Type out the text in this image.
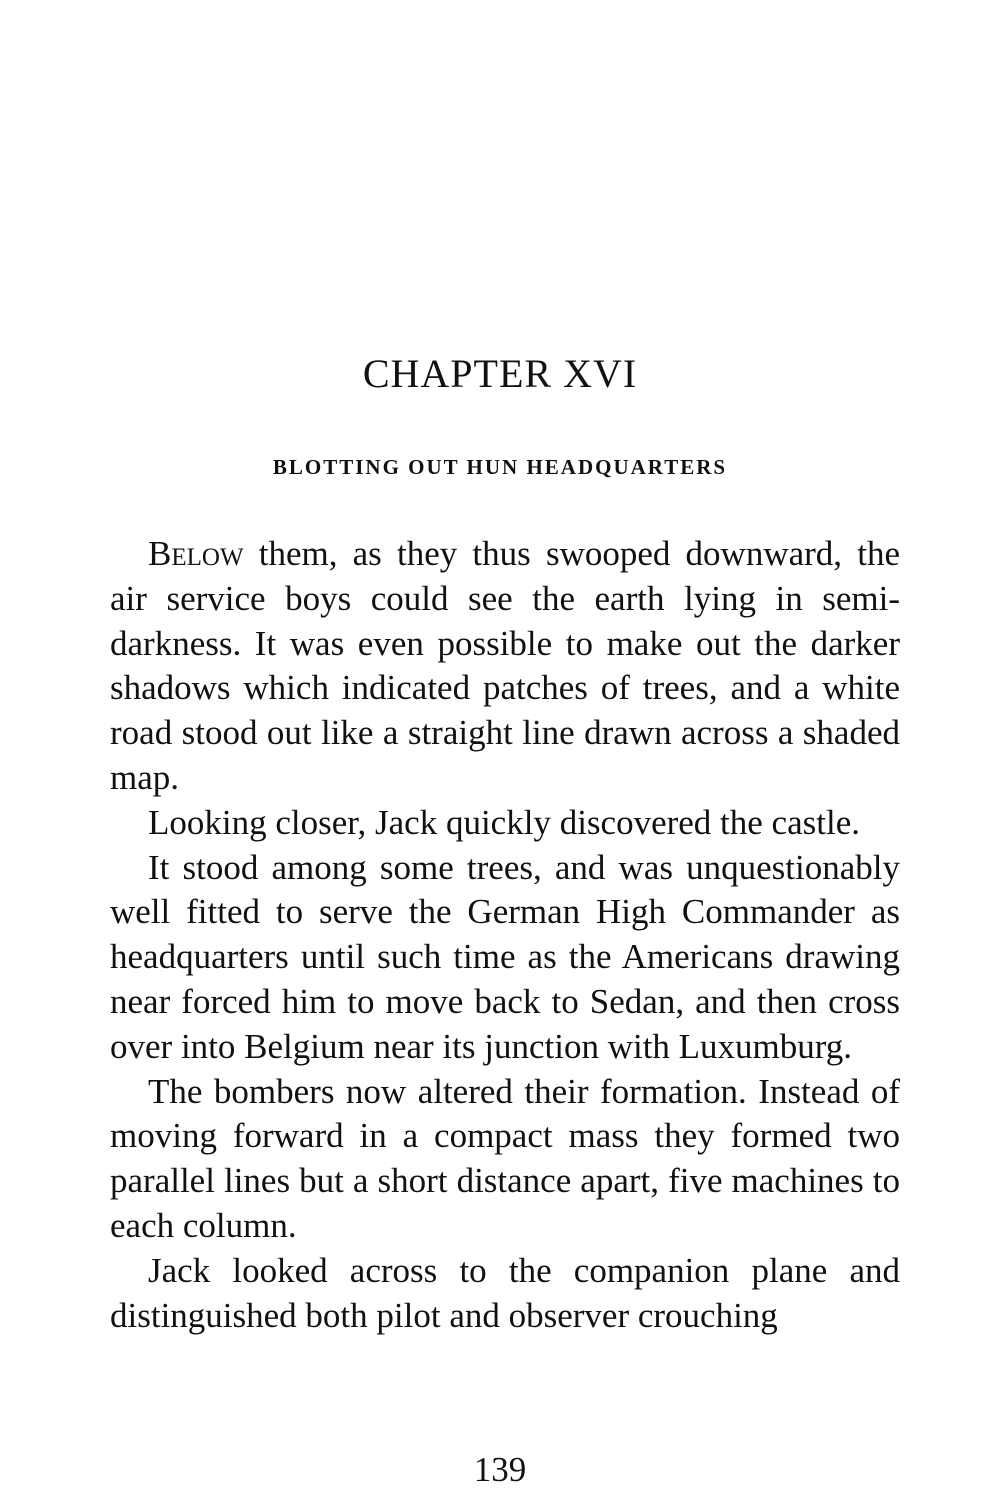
CHAPTER XVI
BLOTTING OUT HUN HEADQUARTERS

Below them, as they thus swooped downward, the air service boys could see the earth lying in semi-darkness. It was even possible to make out the darker shadows which indicated patches of trees, and a white road stood out like a straight line drawn across a shaded map.

Looking closer, Jack quickly discovered the castle.

It stood among some trees, and was unquestionably well fitted to serve the German High Commander as headquarters until such time as the Americans drawing near forced him to move back to Sedan, and then cross over into Belgium near its junction with Luxumburg.

The bombers now altered their formation. Instead of moving forward in a compact mass they formed two parallel lines but a short distance apart, five machines to each column.

Jack looked across to the companion plane and distinguished both pilot and observer crouching

139
